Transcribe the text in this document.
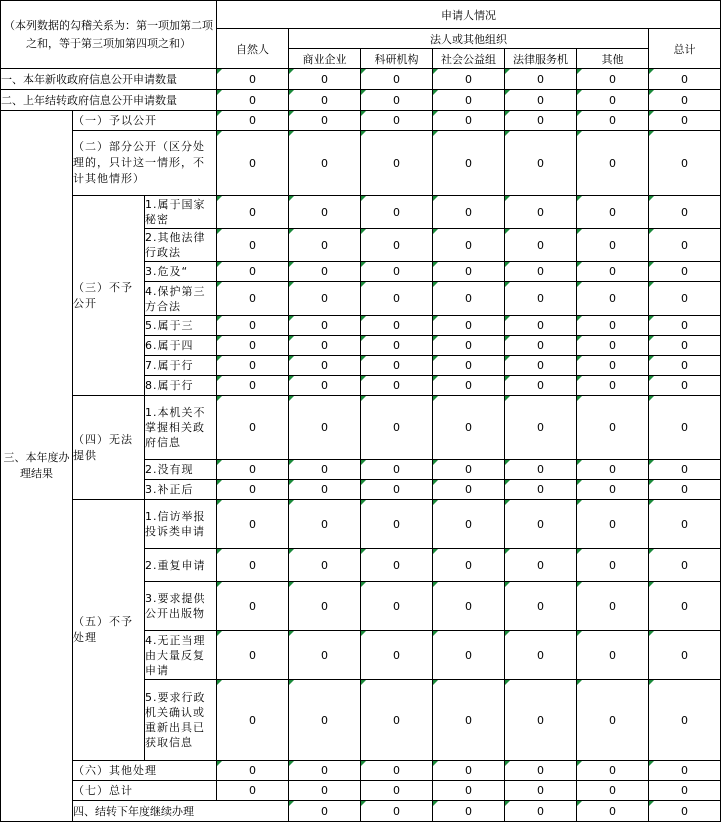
（本列数据的勾稽关系为：第一项加第二项之和，等于第三项加第四项之和）			申请人情况							
			自然人	法人或其他组织					总计	
				商业企业	科研机构	社会公益组	法律服务机	其他		
一、本年新收政府信息公开申请数量			0	0	0	0	0	0	0	
二、上年结转政府信息公开申请数量			0	0	0	0	0	0	0	
三、本年度办理结果	（一）予以公开		0	0	0	0	0	0	0	
	（二）部分公开（区分处理的，只计这一情形，不计其他情形）		0	0	0	0	0	0	0	
	（三）不予公开	1.属于国家秘密	0	0	0	0	0	0	0	
		2.其他法律行政法	0	0	0	0	0	0	0	
		3.危及“	0	0	0	0	0	0	0	
		4.保护第三方合法	0	0	0	0	0	0	0	
		5.属于三	0	0	0	0	0	0	0	
		6.属于四	0	0	0	0	0	0	0	
		7.属于行	0	0	0	0	0	0	0	
		8.属于行	0	0	0	0	0	0	0	
	（四）无法提供	1.本机关不掌握相关政府信息	0	0	0	0	0	0	0	
		2.没有现	0	0	0	0	0	0	0	
		3.补正后	0	0	0	0	0	0	0	
	（五）不予处理	1.信访举报投诉类申请	0	0	0	0	0	0	0	
		2.重复申请	0	0	0	0	0	0	0	
		3.要求提供公开出版物	0	0	0	0	0	0	0	
		4.无正当理由大量反复申请	0	0	0	0	0	0	0	
		5.要求行政机关确认或重新出具已获取信息	0	0	0	0	0	0	0	
	（六）其他处理		0	0	0	0	0	0	0	
	（七）总计		0	0	0	0	0	0	0	
	四、结转下年度继续办理			0	0	0	0	0	0	
